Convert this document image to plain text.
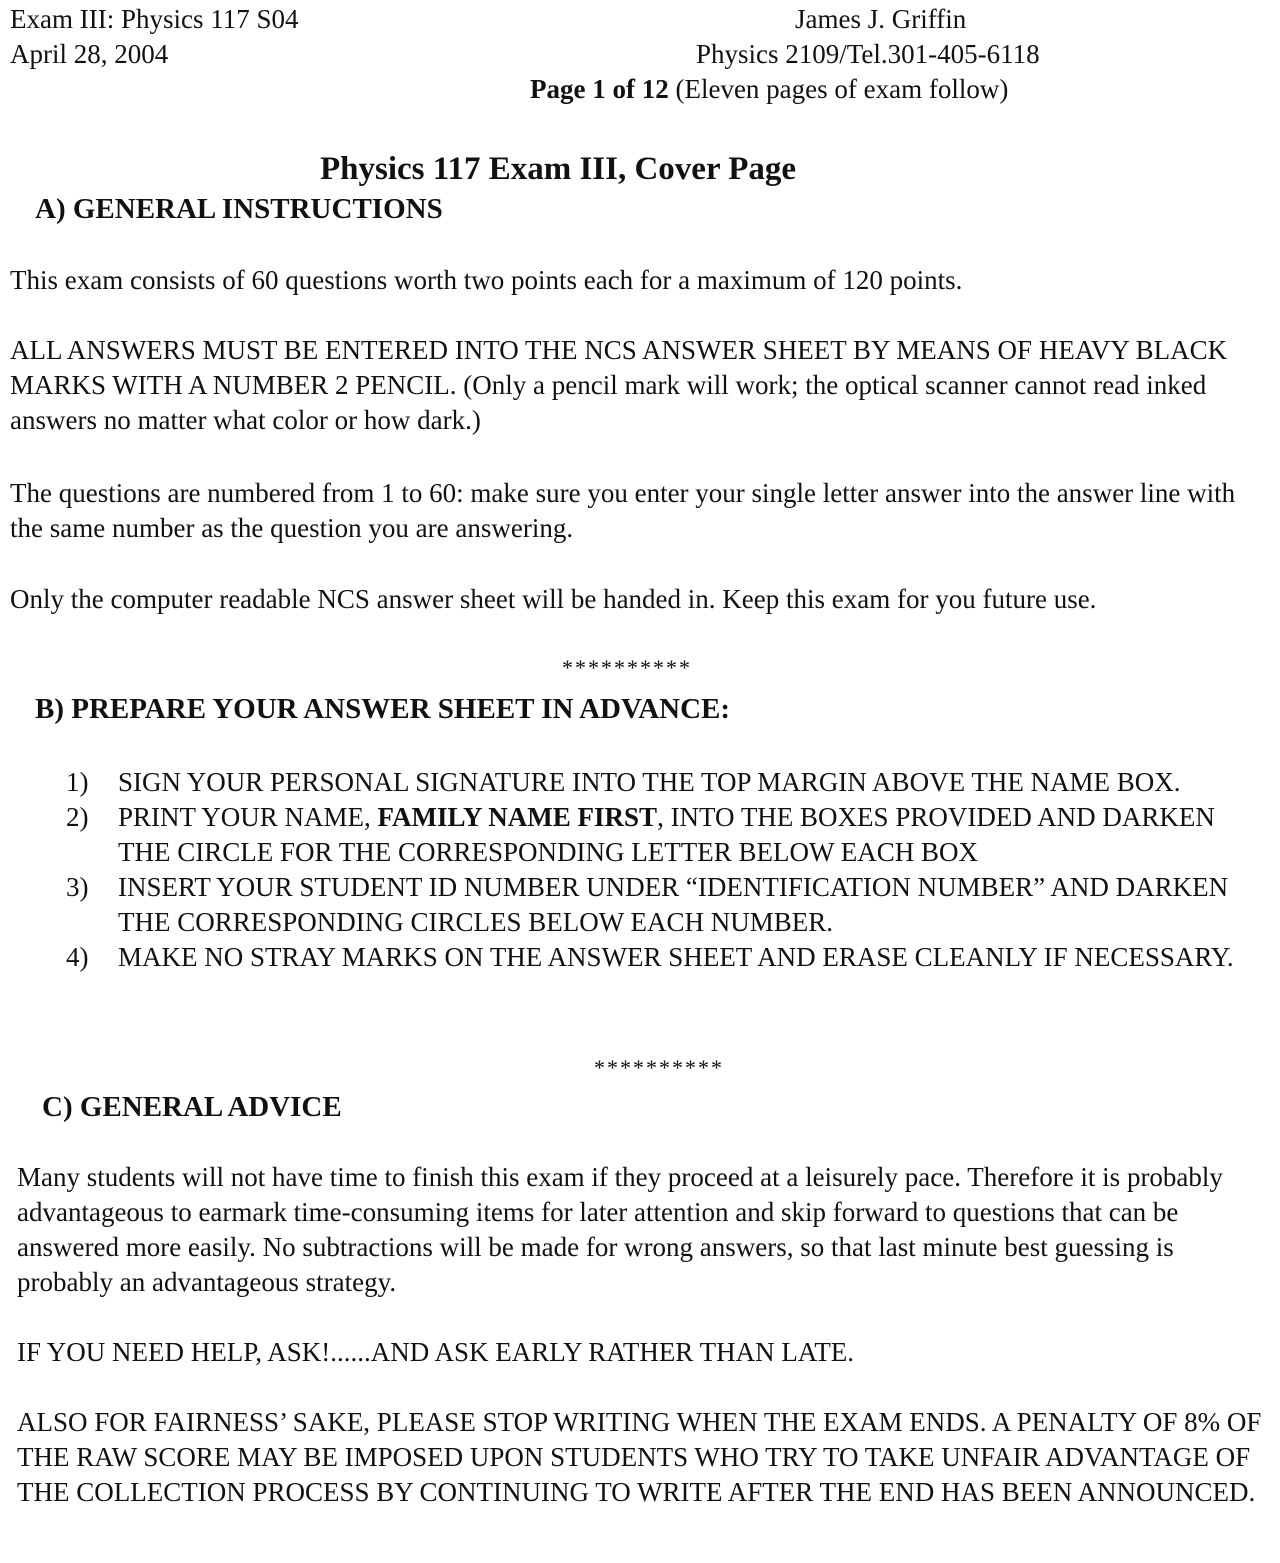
Exam III: Physics 117 S04
April 28, 2004
James J. Griffin
Physics 2109/Tel.301-405-6118
Page 1 of 12 (Eleven pages of exam follow)
Physics 117 Exam III, Cover Page
A) GENERAL INSTRUCTIONS
This exam consists of 60 questions worth two points each for a maximum of 120 points.
ALL ANSWERS MUST BE ENTERED INTO THE NCS ANSWER SHEET BY MEANS OF HEAVY BLACK MARKS WITH A NUMBER 2 PENCIL. (Only a pencil mark will work; the optical scanner cannot read inked answers no matter what color or how dark.)
The questions are numbered from 1 to 60: make sure you enter your single letter answer into the answer line with the same number as the question you are answering.
Only the computer readable NCS answer sheet will be handed in. Keep this exam for you future use.
**********
B) PREPARE YOUR ANSWER SHEET IN ADVANCE:
1) SIGN YOUR PERSONAL SIGNATURE INTO THE TOP MARGIN ABOVE THE NAME BOX.
2) PRINT YOUR NAME, FAMILY NAME FIRST, INTO THE BOXES PROVIDED AND DARKEN THE CIRCLE FOR THE CORRESPONDING LETTER BELOW EACH BOX
3) INSERT YOUR STUDENT ID NUMBER UNDER “IDENTIFICATION NUMBER” AND DARKEN THE CORRESPONDING CIRCLES BELOW EACH NUMBER.
4) MAKE NO STRAY MARKS ON THE ANSWER SHEET AND ERASE CLEANLY IF NECESSARY.
**********
C) GENERAL ADVICE
Many students will not have time to finish this exam if they proceed at a leisurely pace. Therefore it is probably advantageous to earmark time-consuming items for later attention and skip forward to questions that can be answered more easily. No subtractions will be made for wrong answers, so that last minute best guessing is probably an advantageous strategy.
IF YOU NEED HELP, ASK!......AND ASK EARLY RATHER THAN LATE.
ALSO FOR FAIRNESS’ SAKE, PLEASE STOP WRITING WHEN THE EXAM ENDS. A PENALTY OF 8% OF THE RAW SCORE MAY BE IMPOSED UPON STUDENTS WHO TRY TO TAKE UNFAIR ADVANTAGE OF THE COLLECTION PROCESS BY CONTINUING TO WRITE AFTER THE END HAS BEEN ANNOUNCED.
